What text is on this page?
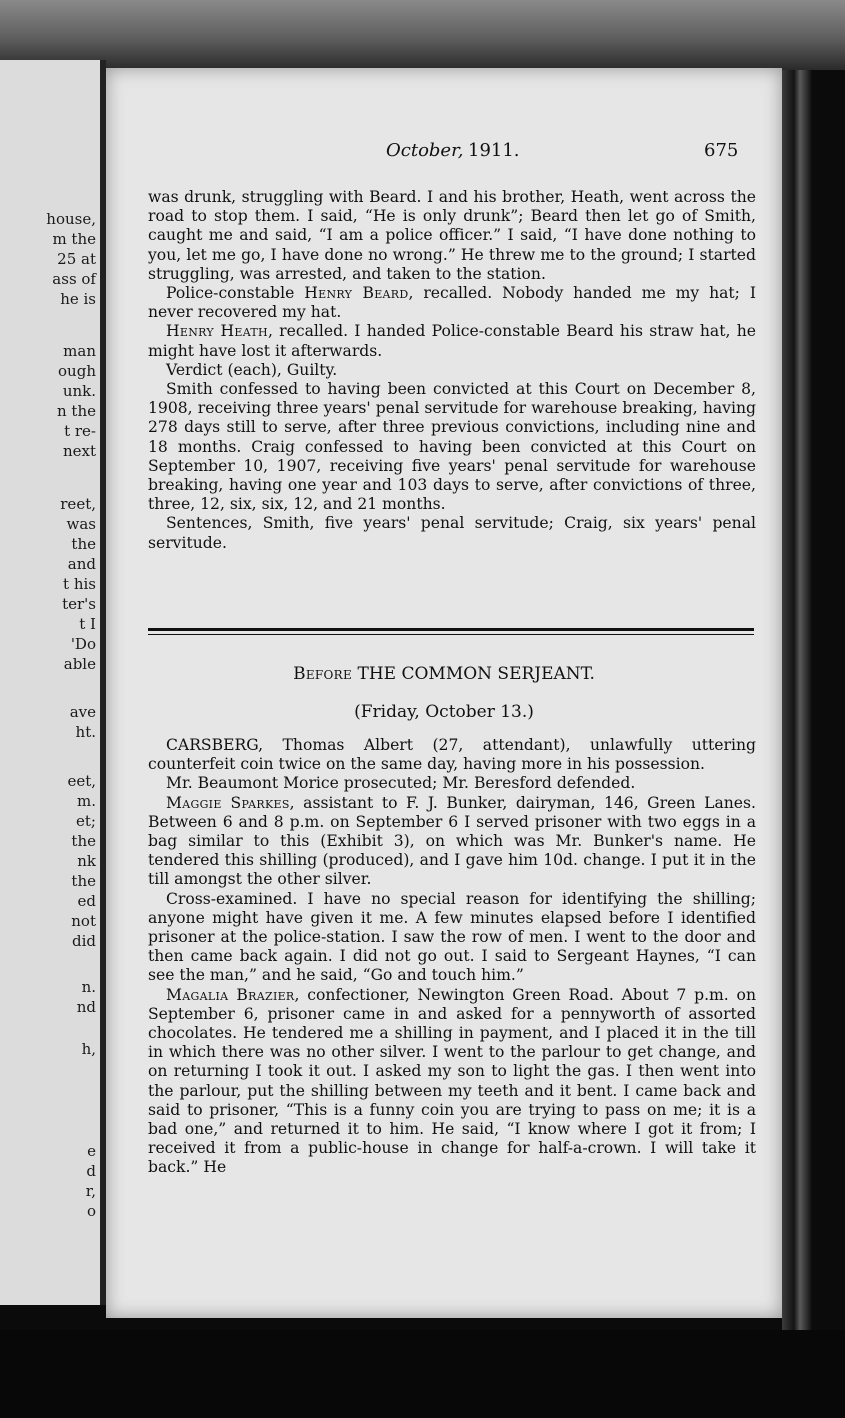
house,
m the
25 at
ass of
he is
man
ough
unk.
n the
t re-
next
reet,
was
the
and
t his
ter's
t I
'Do
able
ave
ht.
eet,
m.
et;
the
nk
the
ed
not
did
n.
nd
h,
e
d
r,
o
October, 1911.	675

was drunk, struggling with Beard. I and his brother, Heath, went across the road to stop them. I said, “He is only drunk”; Beard then let go of Smith, caught me and said, “I am a police officer.” I said, “I have done nothing to you, let me go, I have done no wrong.” He threw me to the ground; I started struggling, was arrested, and taken to the station.

Police-constable Henry Beard, recalled. Nobody handed me my hat; I never recovered my hat.

Henry Heath, recalled. I handed Police-constable Beard his straw hat, he might have lost it afterwards.

Verdict (each), Guilty.

Smith confessed to having been convicted at this Court on December 8, 1908, receiving three years' penal servitude for warehouse breaking, having 278 days still to serve, after three previous convictions, including nine and 18 months. Craig confessed to having been convicted at this Court on September 10, 1907, receiving five years' penal servitude for warehouse breaking, having one year and 103 days to serve, after convictions of three, three, 12, six, six, 12, and 21 months.

Sentences, Smith, five years' penal servitude; Craig, six years' penal servitude.

Before THE COMMON SERJEANT.
(Friday, October 13.)

CARSBERG, Thomas Albert (27, attendant), unlawfully uttering counterfeit coin twice on the same day, having more in his possession.

Mr. Beaumont Morice prosecuted; Mr. Beresford defended.

Maggie Sparkes, assistant to F. J. Bunker, dairyman, 146, Green Lanes. Between 6 and 8 p.m. on September 6 I served prisoner with two eggs in a bag similar to this (Exhibit 3), on which was Mr. Bunker's name. He tendered this shilling (produced), and I gave him 10d. change. I put it in the till amongst the other silver.

Cross-examined. I have no special reason for identifying the shilling; anyone might have given it me. A few minutes elapsed before I identified prisoner at the police-station. I saw the row of men. I went to the door and then came back again. I did not go out. I said to Sergeant Haynes, “I can see the man,” and he said, “Go and touch him.”

Magalia Brazier, confectioner, Newington Green Road. About 7 p.m. on September 6, prisoner came in and asked for a pennyworth of assorted chocolates. He tendered me a shilling in payment, and I placed it in the till in which there was no other silver. I went to the parlour to get change, and on returning I took it out. I asked my son to light the gas. I then went into the parlour, put the shilling between my teeth and it bent. I came back and said to prisoner, “This is a funny coin you are trying to pass on me; it is a bad one,” and returned it to him. He said, “I know where I got it from; I received it from a public-house in change for half-a-crown. I will take it back.” He
